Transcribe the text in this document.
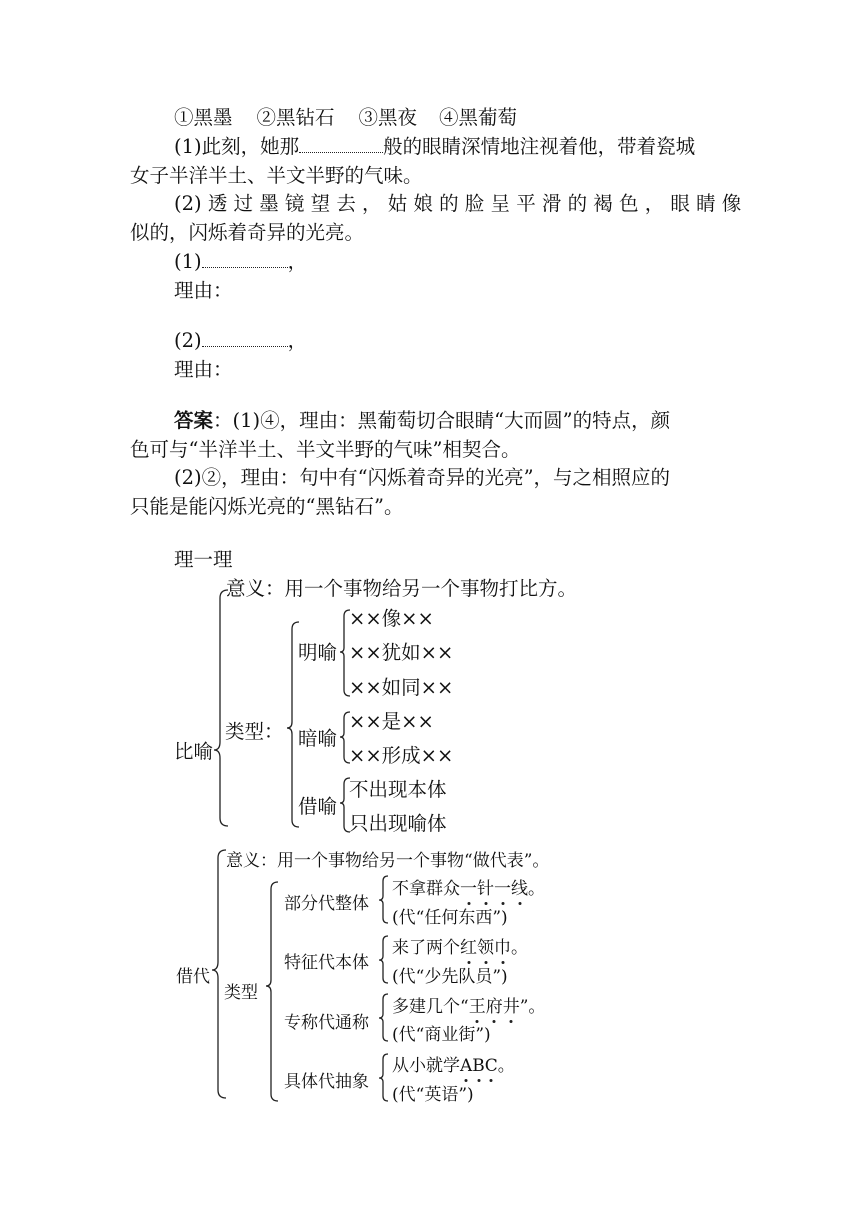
①黑墨 ②黑钻石 ③黑夜 ④黑葡萄
(1)此刻，她那	般的眼睛深情地注视着他，带着瓷城
女子半洋半土、半文半野的气味。
(2) 透 过 墨 镜 望 去 ， 姑 娘 的 脸 呈 平 滑 的 褐 色 ， 眼 睛 像
似的，闪烁着奇异的光亮。
(1)	，
理由：
(2)	，
理由：
答案：(1)④，理由：黑葡萄切合眼睛“大而圆”的特点，颜
色可与“半洋半土、半文半野的气味”相契合。
(2)②，理由：句中有“闪烁着奇异的光亮”，与之相照应的
只能是能闪烁光亮的“黑钻石”。
理一理
意义：用一个事物给另一个事物打比方。
比喻
类型：
明喻
××像××
××犹如××
××如同××
暗喻
××是××
××形成××
借喻
不出现本体
只出现喻体
意义：用一个事物给另一个事物“做代表”。
借代
类型
部分代整体
不拿群众一针一线。
(代“任何东西”)
特征代本体
来了两个红领巾。
(代“少先队员”)
专称代通称
多建几个“王府井”。
(代“商业街”)
具体代抽象
从小就学ABC。
(代“英语”)
